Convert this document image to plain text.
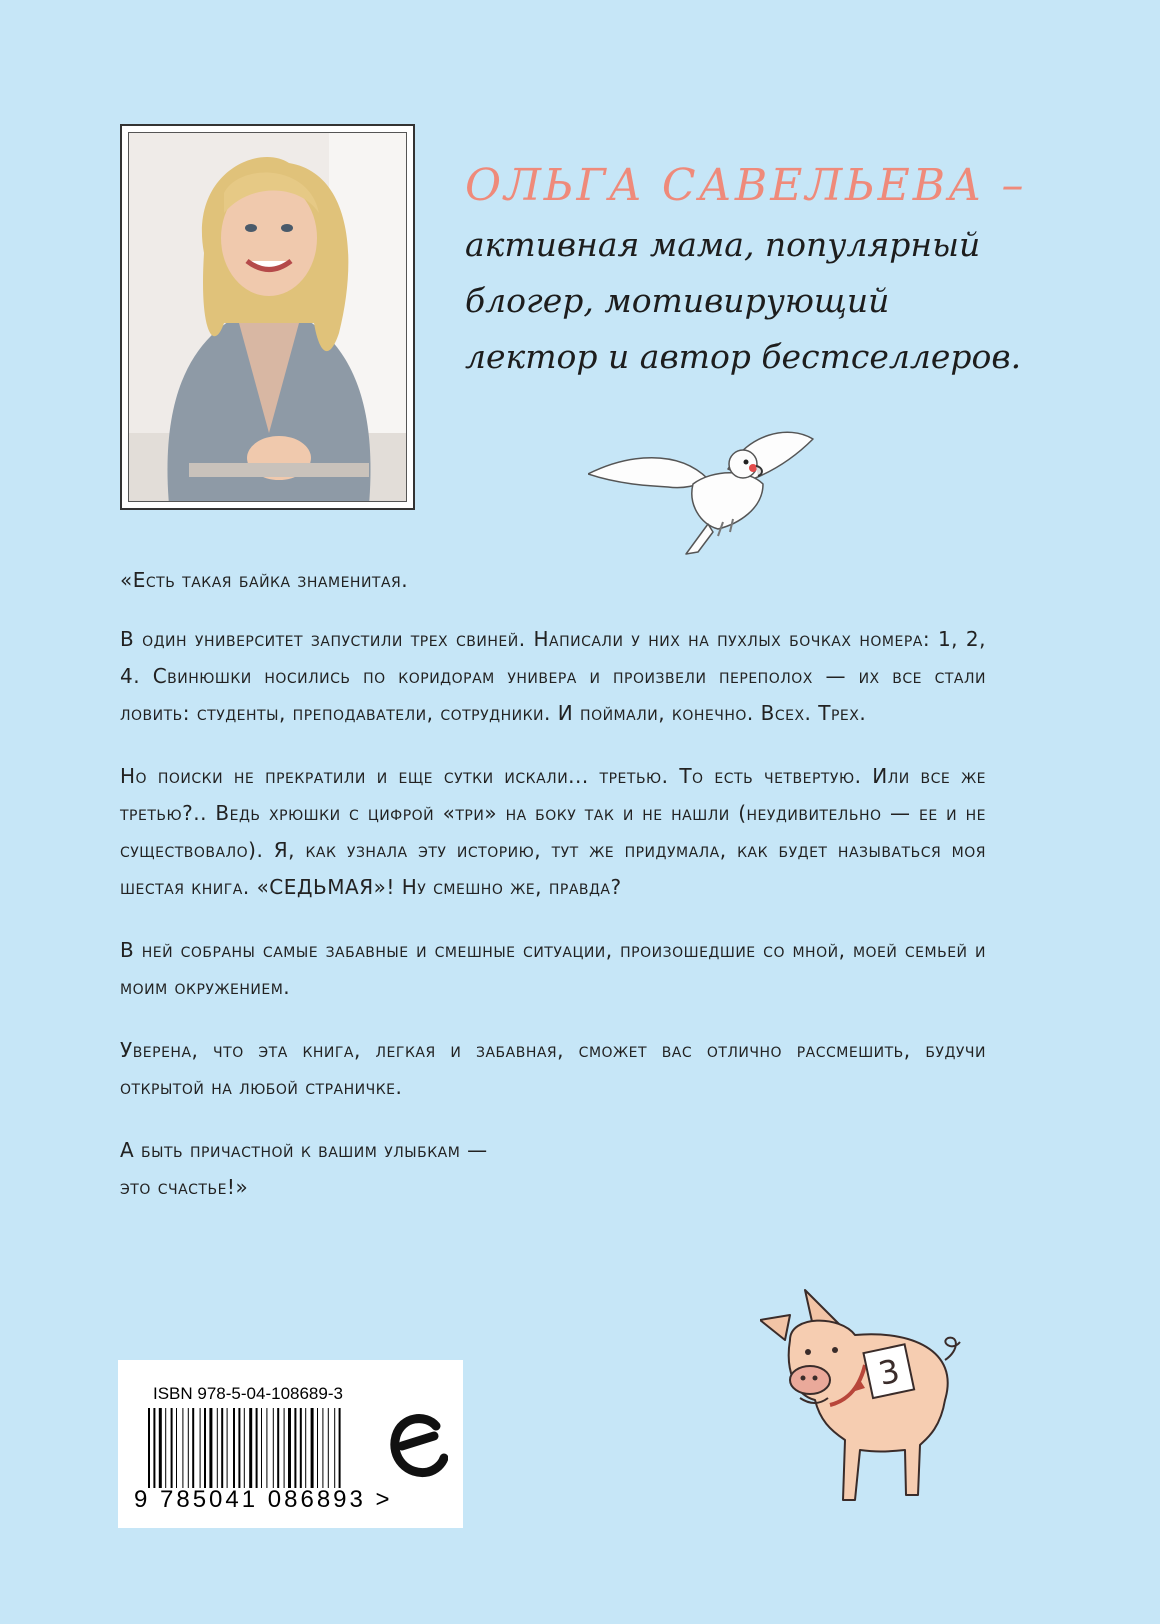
ОЛЬГА САВЕЛЬЕВА –
активная мама, популярный
блогер, мотивирующий
лектор и автор бестселлеров.

«Есть такая байка знаменитая.

В один университет запустили трех свиней. Написали у них на пухлых бочках номера: 1, 2, 4. Свинюшки носились по коридорам универа и произвели переполох — их все стали ловить: студенты, преподаватели, сотрудники. И поймали, конечно. Всех. Трех.

Но поиски не прекратили и еще сутки искали... третью. То есть четвертую. Или все же третью?.. Ведь хрюшки с цифрой «три» на боку так и не нашли (неудивительно — ее и не существовало). Я, как узнала эту историю, тут же придумала, как будет называться моя шестая книга. «СЕДЬМАЯ»! Ну смешно же, правда?

В ней собраны самые забавные и смешные ситуации, произошедшие со мной, моей семьей и моим окружением.

Уверена, что эта книга, легкая и забавная, сможет вас отлично рассмешить, будучи открытой на любой страничке.

А быть причастной к вашим улыбкам —
это счастье!»
ISBN 978-5-04-108689-3
9 785041 086893 >
3
